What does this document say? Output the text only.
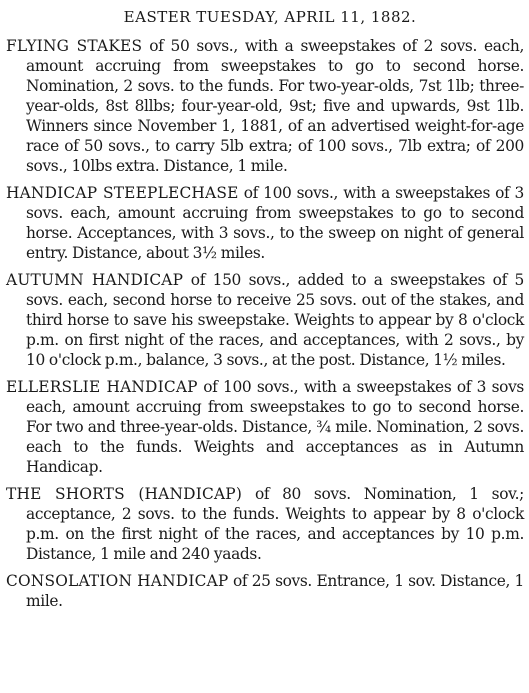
EASTER TUESDAY, APRIL 11, 1882.

FLYING STAKES of 50 sovs., with a sweepstakes of 2 sovs. each, amount accruing from sweepstakes to go to second horse. Nomination, 2 sovs. to the funds. For two-year-olds, 7st 1lb; three-year-olds, 8st 8llbs; four-year-old, 9st; five and upwards, 9st 1lb. Winners since November 1, 1881, of an advertised weight-for-age race of 50 sovs., to carry 5lb extra; of 100 sovs., 7lb extra; of 200 sovs., 10lbs extra. Distance, 1 mile.

HANDICAP STEEPLECHASE of 100 sovs., with a sweepstakes of 3 sovs. each, amount accruing from sweepstakes to go to second horse. Acceptances, with 3 sovs., to the sweep on night of general entry. Distance, about 3½ miles.

AUTUMN HANDICAP of 150 sovs., added to a sweepstakes of 5 sovs. each, second horse to receive 25 sovs. out of the stakes, and third horse to save his sweepstake. Weights to appear by 8 o'clock p.m. on first night of the races, and acceptances, with 2 sovs., by 10 o'clock p.m., balance, 3 sovs., at the post. Distance, 1½ miles.

ELLERSLIE HANDICAP of 100 sovs., with a sweepstakes of 3 sovs each, amount accruing from sweepstakes to go to second horse. For two and three-year-olds. Distance, ¾ mile. Nomination, 2 sovs. each to the funds. Weights and acceptances as in Autumn Handicap.

THE SHORTS (HANDICAP) of 80 sovs. Nomination, 1 sov.; acceptance, 2 sovs. to the funds. Weights to appear by 8 o'clock p.m. on the first night of the races, and acceptances by 10 p.m. Distance, 1 mile and 240 yaads.

CONSOLATION HANDICAP of 25 sovs. Entrance, 1 sov. Distance, 1 mile.
